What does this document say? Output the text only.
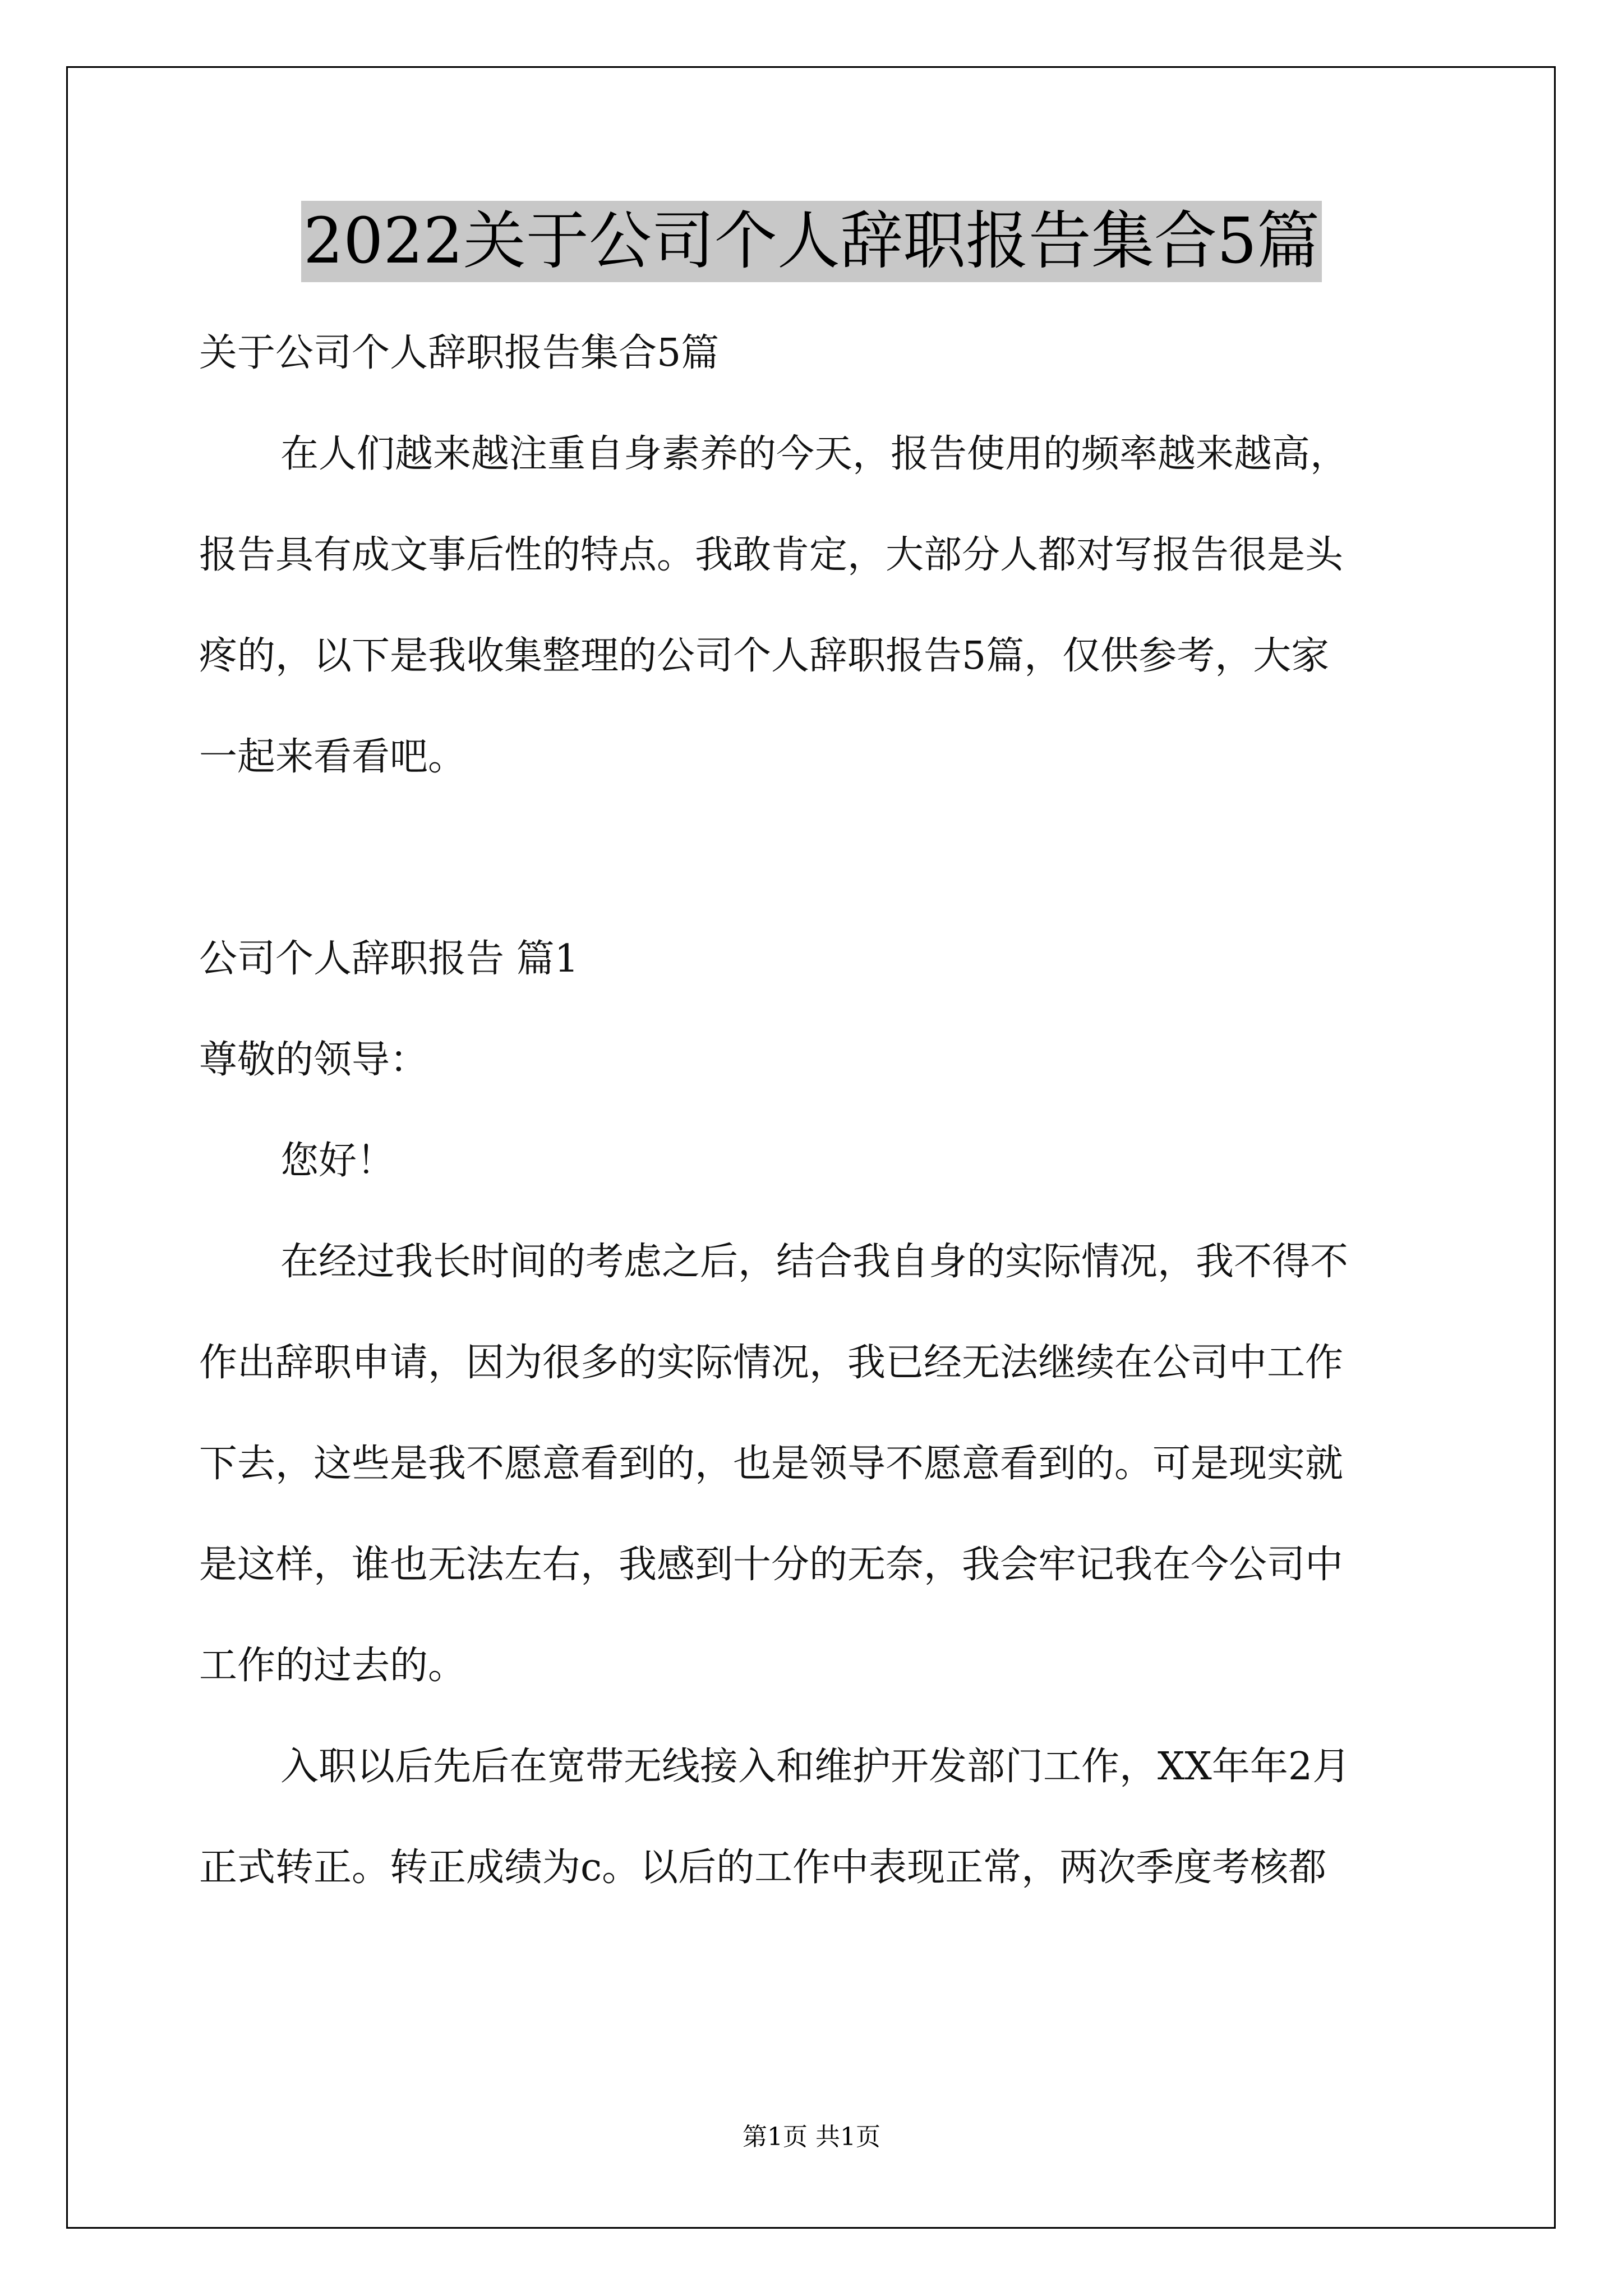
2022关于公司个人辞职报告集合5篇
关于公司个人辞职报告集合5篇
在人们越来越注重自身素养的今天，报告使用的频率越来越高，
报告具有成文事后性的特点。我敢肯定，大部分人都对写报告很是头
疼的，以下是我收集整理的公司个人辞职报告5篇，仅供参考，大家
一起来看看吧。
公司个人辞职报告 篇1
尊敬的领导：
您好！
在经过我长时间的考虑之后，结合我自身的实际情况，我不得不
作出辞职申请，因为很多的实际情况，我已经无法继续在公司中工作
下去，这些是我不愿意看到的，也是领导不愿意看到的。可是现实就
是这样，谁也无法左右，我感到十分的无奈，我会牢记我在今公司中
工作的过去的。
入职以后先后在宽带无线接入和维护开发部门工作，XX年年2月
正式转正。转正成绩为c。以后的工作中表现正常，两次季度考核都
第1页 共1页
